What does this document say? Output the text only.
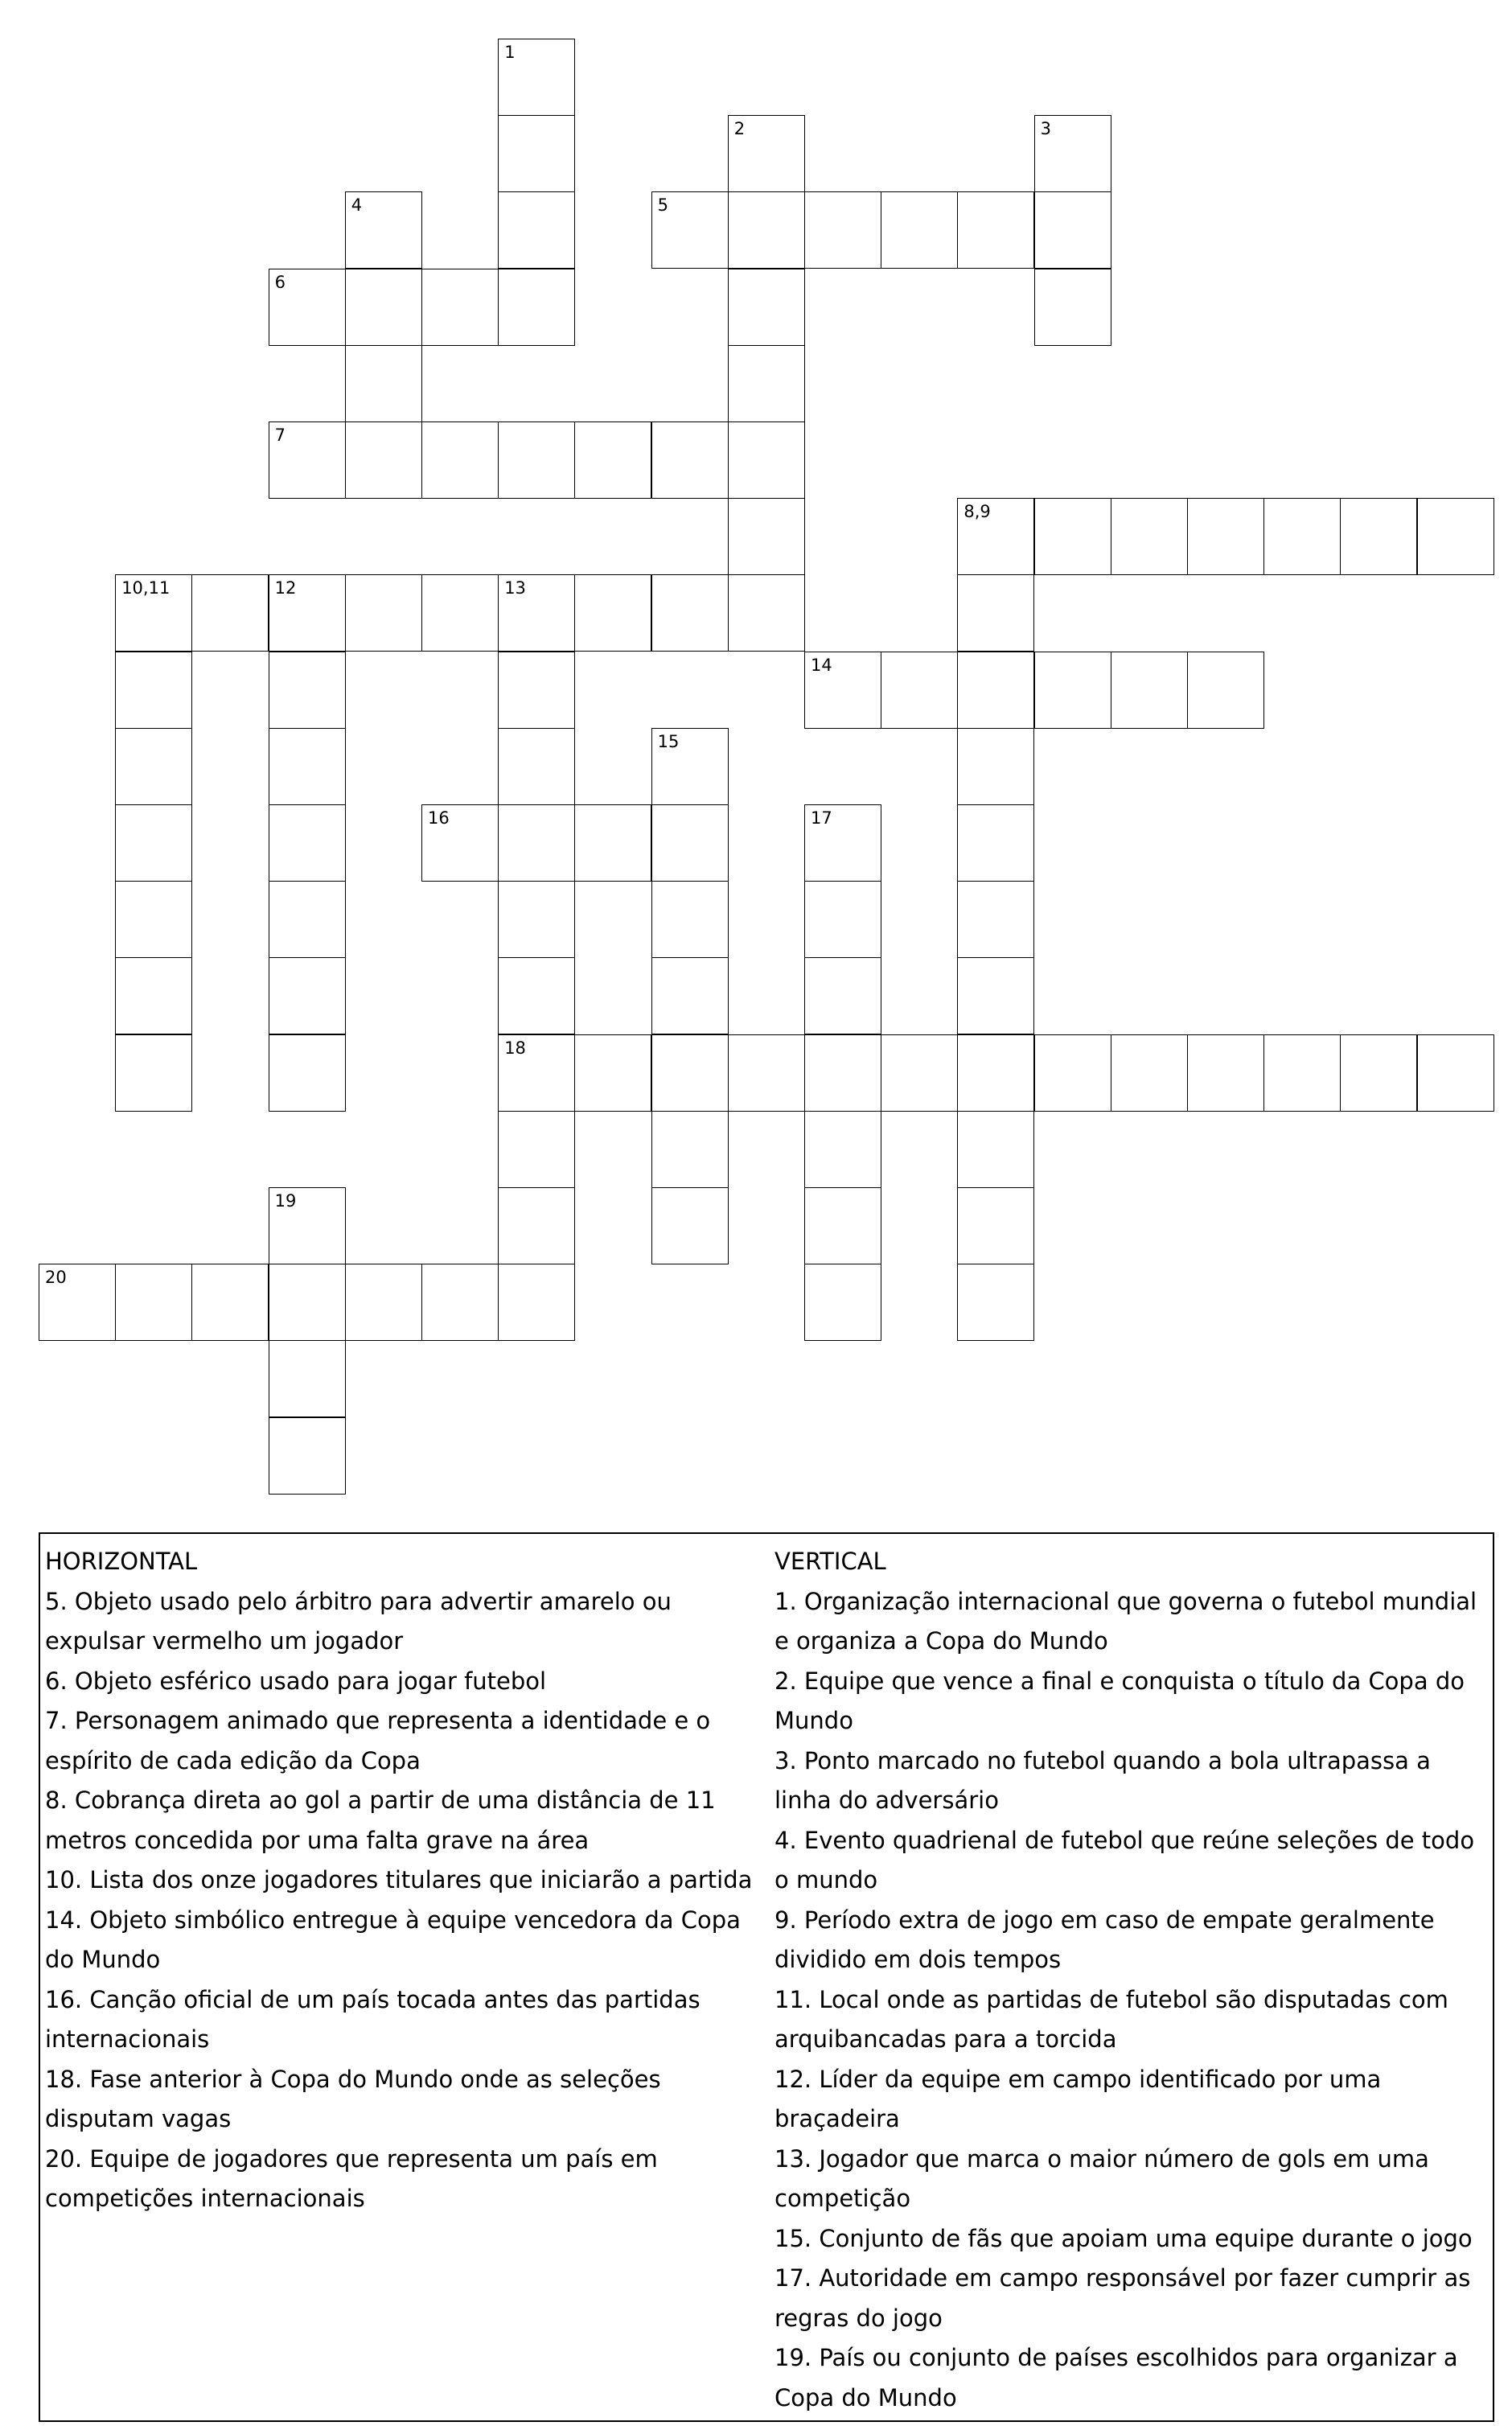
1
2	3
4	5
6
7
8,9
10,11	12	13
18
14
15
16	17
19
20
HORIZONTAL
5. Objeto usado pelo árbitro para advertir amarelo ou expulsar vermelho um jogador
6. Objeto esférico usado para jogar futebol
7. Personagem animado que representa a identidade e o espírito de cada edição da Copa
8. Cobrança direta ao gol a partir de uma distância de 11 metros concedida por uma falta grave na área
10. Lista dos onze jogadores titulares que iniciarão a partida
14. Objeto simbólico entregue à equipe vencedora da Copa do Mundo
16. Canção oficial de um país tocada antes das partidas internacionais
18. Fase anterior à Copa do Mundo onde as seleções disputam vagas
20. Equipe de jogadores que representa um país em competições internacionais
VERTICAL
1. Organização internacional que governa o futebol mundial e organiza a Copa do Mundo
2. Equipe que vence a final e conquista o título da Copa do Mundo
3. Ponto marcado no futebol quando a bola ultrapassa a linha do adversário
4. Evento quadrienal de futebol que reúne seleções de todo o mundo
9. Período extra de jogo em caso de empate geralmente dividido em dois tempos
11. Local onde as partidas de futebol são disputadas com arquibancadas para a torcida
12. Líder da equipe em campo identificado por uma braçadeira
13. Jogador que marca o maior número de gols em uma competição
15. Conjunto de fãs que apoiam uma equipe durante o jogo
17. Autoridade em campo responsável por fazer cumprir as regras do jogo
19. País ou conjunto de países escolhidos para organizar a Copa do Mundo
